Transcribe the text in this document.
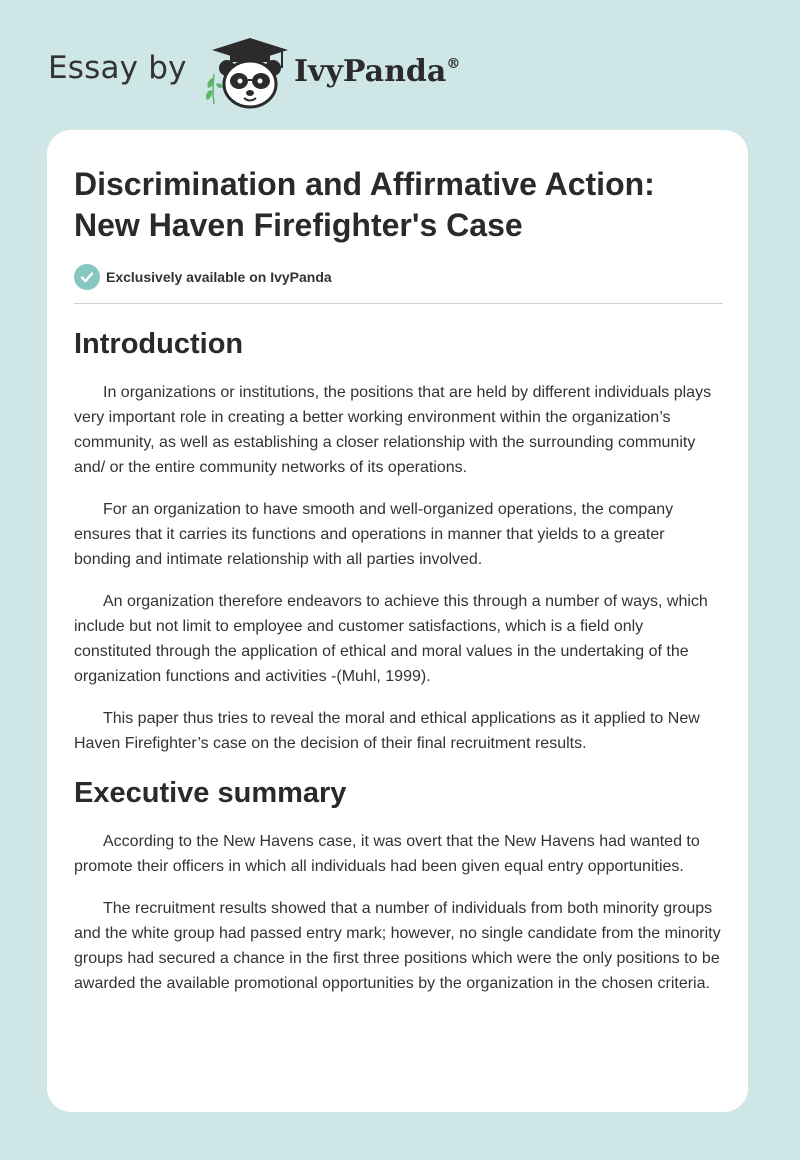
Essay by	IvyPanda®
Discrimination and Affirmative Action:
New Haven Firefighter's Case
Exclusively available on IvyPanda
Introduction

In organizations or institutions, the positions that are held by different individuals plays very important role in creating a better working environment within the organization’s community, as well as establishing a closer relationship with the surrounding community and/ or the entire community networks of its operations.

For an organization to have smooth and well-organized operations, the company ensures that it carries its functions and operations in manner that yields to a greater bonding and intimate relationship with all parties involved.

An organization therefore endeavors to achieve this through a number of ways, which include but not limit to employee and customer satisfactions, which is a field only constituted through the application of ethical and moral values in the undertaking of the organization functions and activities -(Muhl, 1999).

This paper thus tries to reveal the moral and ethical applications as it applied to New Haven Firefighter’s case on the decision of their final recruitment results.

Executive summary

According to the New Havens case, it was overt that the New Havens had wanted to promote their officers in which all individuals had been given equal entry opportunities.

The recruitment results showed that a number of individuals from both minority groups and the white group had passed entry mark; however, no single candidate from the minority groups had secured a chance in the first three positions which were the only positions to be awarded the available promotional opportunities by the organization in the chosen criteria.
